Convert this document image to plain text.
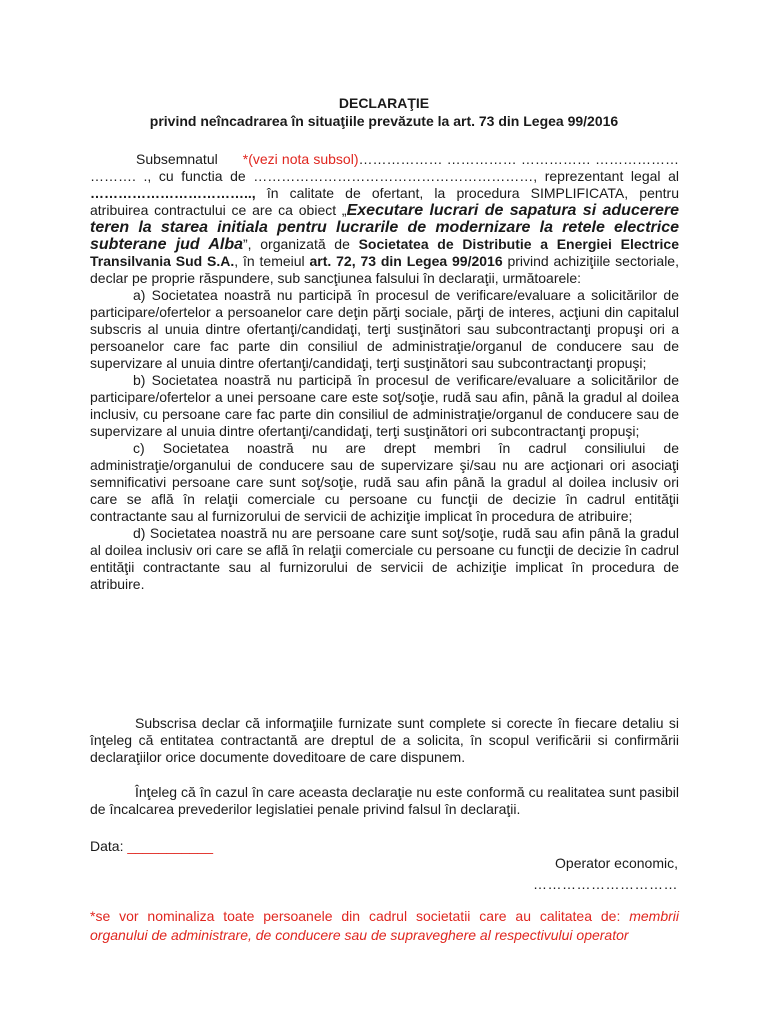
DECLARAŢIE
privind neîncadrarea în situaţiile prevăzute la art. 73 din Legea 99/2016

Subsemnatul *(vezi nota subsol)……………… …………… …………… ……………… ………. ., cu functia de ……………………………………………………, reprezentant legal al …………………………….., în calitate de ofertant, la procedura SIMPLIFICATA, pentru atribuirea contractului ce are ca obiect „Executare lucrari de sapatura si aducerere teren la starea initiala pentru lucrarile de modernizare la retele electrice subterane jud Alba”, organizată de Societatea de Distributie a Energiei Electrice Transilvania Sud S.A., în temeiul art. 72, 73 din Legea 99/2016 privind achiziţiile sectoriale, declar pe proprie răspundere, sub sancţiunea falsului în declaraţii, următoarele:

a) Societatea noastră nu participă în procesul de verificare/evaluare a solicitărilor de participare/ofertelor a persoanelor care deţin părţi sociale, părţi de interes, acţiuni din capitalul subscris al unuia dintre ofertanţi/candidaţi, terţi susţinători sau subcontractanţi propuşi ori a persoanelor care fac parte din consiliul de administraţie/organul de conducere sau de supervizare al unuia dintre ofertanţi/candidaţi, terţi susţinători sau subcontractanţi propuşi;

b) Societatea noastră nu participă în procesul de verificare/evaluare a solicitărilor de participare/ofertelor a unei persoane care este soţ/soţie, rudă sau afin, până la gradul al doilea inclusiv, cu persoane care fac parte din consiliul de administraţie/organul de conducere sau de supervizare al unuia dintre ofertanţi/candidaţi, terţi susţinători ori subcontractanţi propuşi;

c) Societatea noastră nu are drept membri în cadrul consiliului de administraţie/organului de conducere sau de supervizare şi/sau nu are acţionari ori asociaţi semnificativi persoane care sunt soţ/soţie, rudă sau afin până la gradul al doilea inclusiv ori care se află în relaţii comerciale cu persoane cu funcţii de decizie în cadrul entităţii contractante sau al furnizorului de servicii de achiziţie implicat în procedura de atribuire;

d) Societatea noastră nu are persoane care sunt soţ/soţie, rudă sau afin până la gradul al doilea inclusiv ori care se află în relaţii comerciale cu persoane cu funcţii de decizie în cadrul entităţii contractante sau al furnizorului de servicii de achiziţie implicat în procedura de atribuire.

Subscrisa declar că informaţiile furnizate sunt complete si corecte în fiecare detaliu si înţeleg că entitatea contractantă are dreptul de a solicita, în scopul verificării si confirmării declaraţiilor orice documente doveditoare de care dispunem.

Înţeleg că în cazul în care aceasta declaraţie nu este conformă cu realitatea sunt pasibil de încalcarea prevederilor legislatiei penale privind falsul în declaraţii.

Data: ___________
Operator economic,
…………………………
*se vor nominaliza toate persoanele din cadrul societatii care au calitatea de: membrii organului de administrare, de conducere sau de supraveghere al respectivului operator
